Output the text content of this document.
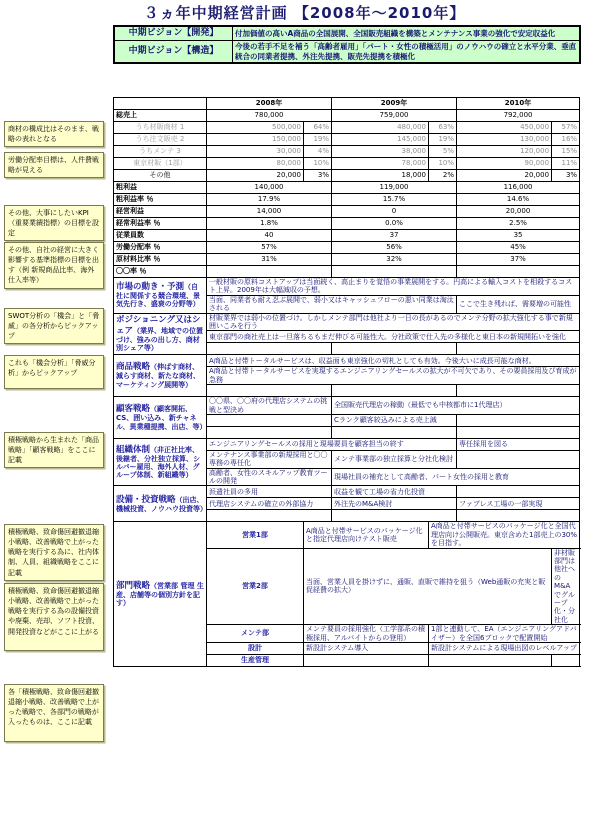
３ヵ年中期経営計画 【2008年～2010年】
中期ビジョン【開発】	付加価値の高いA商品の全国展開、全国販売組織を構築とメンテナンス事業の強化で安定収益化
中期ビジョン【構造】	今後の若手不足を補う「高齢者雇用」「パート・女性の積極活用」のノウハウの確立と水平分業、垂直統合の同業者提携、外注先提携、販売先提携を積極化
	2008年		2009年		2010年	
総売上	780,000		759,000		792,000	
うち材販商材 1	500,000	64%	480,000	63%	450,000	57%
うち注文販売 2	150,000	19%	145,000	19%	130,000	16%
うちメンテ 3	30,000	4%	38,000	5%	120,000	15%
東京材販（1部）	80,000	10%	78,000	10%	90,000	11%
その他	20,000	3%	18,000	2%	20,000	3%
粗利益	140,000		119,000		116,000	
粗利益率 ％	17.9%		15.7%		14.6%	
経営利益	14,000		0		20,000	
経常利益率 ％	1.8%		0.0%		2.5%	
従業員数	40		37		35	
労働分配率 ％	57%		56%		45%	
原材料比率 ％	31%		32%		37%	
〇〇率 ％						
市場の動き・予測（自社に関係する競合環境、景気先行き、盛衰の分野等）	一般材販の原料コストアップは当面続く、高止まりを覚悟の事業展開をする。円高による輸入コストを相殺するコスト上昇。2009年は大幅減収の予想。					
	当面、同業者も耐え忍ぶ展開で、弱小又はキャッシュフローの悪い同業は淘汰される				ここで生き残れば、需要増の可能性	
ポジショニング又はシェア（業界、地域での位置づけ、強みの出し方、商材別シェア等）	材販業界では弱小の位置づけ。しかしメンテ部門は他社より一日の長があるのでメンテ分野の拡大強化する事で新規囲いこみを行う					
	東京部門の商社売上は一旦落ちるもまだ伸びる可能性大。分社政策で仕入先の多様化と東日本の新規開拓いを強化					

商品戦略（伸ばす商材、減らす商材、新たな商材、マーケティング展開等）	A商品と付帯トータルサービスは、収益面も東京強化の切札としても有効。今後大いに成長可能な商材。					
	A商品と付帯トータルサービスを実現するエンジニアリングセールスの拡大が不可欠であり、その要員採用及び育成が急務					

顧客戦略（顧客開拓、CS、囲い込み、新チャネル、異業種提携、出店、等）	〇〇県、〇〇府の代理店システムの挑戦と型決め		全国販売代理店の稼動（最低でも中核都市に1代理店）			
			Cランク顧客絞込みによる売上減			

組織体制（非正社比率、後継者、分社独立採算、シルバー雇用、海外人材、グループ体制、新組織等）	エンジニアリングセールスの採用と現場要員を顧客担当の終す				専任採用を図る	
	メンテナンス事業部の新規採用と〇〇専務の専任化		メンテ事業部の独立採算と分社化検討			
	高齢者、女性のスキルアップ教育ツールの開発		現場社員の補充として高齢者、パート女性の採用と教育			
設備・投資戦略（出店、機械投資、ノウハウ投資等）	派遣社員の多用		収益を観て工場の省力化投資			
	代理店システムの確立の外部協力		外注先のM&A検討		ファブレス工場の一部実現	

部門戦略（営業部 管理 生産、店舗等の個別方針を記す）	営業1部	A商品と付帯サービスのパッケージ化と指定代理店向けテスト販売		A商品と付帯サービスのパッケージ化と全国代理店向け公開販売。東京含めた1部売上の30%を目指す。		
	営業2部	当面、営業人員を掛けずに、通販、直販で維持を狙う（Web通販の充実と販促経費の拡大）				非材販部門は他社へのM&Aでグループ化・分社化
	メンテ部	メンテ要員の採用強化（工学部系の積極採用、アルバイトからの登用）		1部と連動して、EA（エンジニアリングアドバイザー）を全国6ブロックで配置開始		
	設計	新設計システム導入		新設計システムによる現場出図のレベルアップ		
	生産管理					
商材の構成比はそのまま、戦略の表れとなる
労働分配率目標は、人件費戦略が見える
その他、大事にしたいKPI（重要業績指標）の目標を設定
その他、自社の経営に大きく影響する基準指標の目標を出す（例 新規商品比率、海外仕入率等）
SWOT分析の「機会」と「脅威」の各分析からピックアップ
これも「機会分析」「脅威分析」からピックアップ
積極戦略から生まれた「商品戦略」「顧客戦略」をここに記載
積極戦略、致命傷回避撤退縮小戦略、改善戦略で上がった戦略を実行する為に、社内体制、人員、組織戦略をここに記載
積極戦略、致命傷回避撤退縮小戦略、改善戦略で上がった戦略を実行する為の設備投資や廃棄、売却、ソフト投資、開発投資などがここに上がる
各「積極戦略、致命傷回避撤退縮小戦略、改善戦略で上がった戦略で、各部門の戦略が入ったものは、ここに記載
